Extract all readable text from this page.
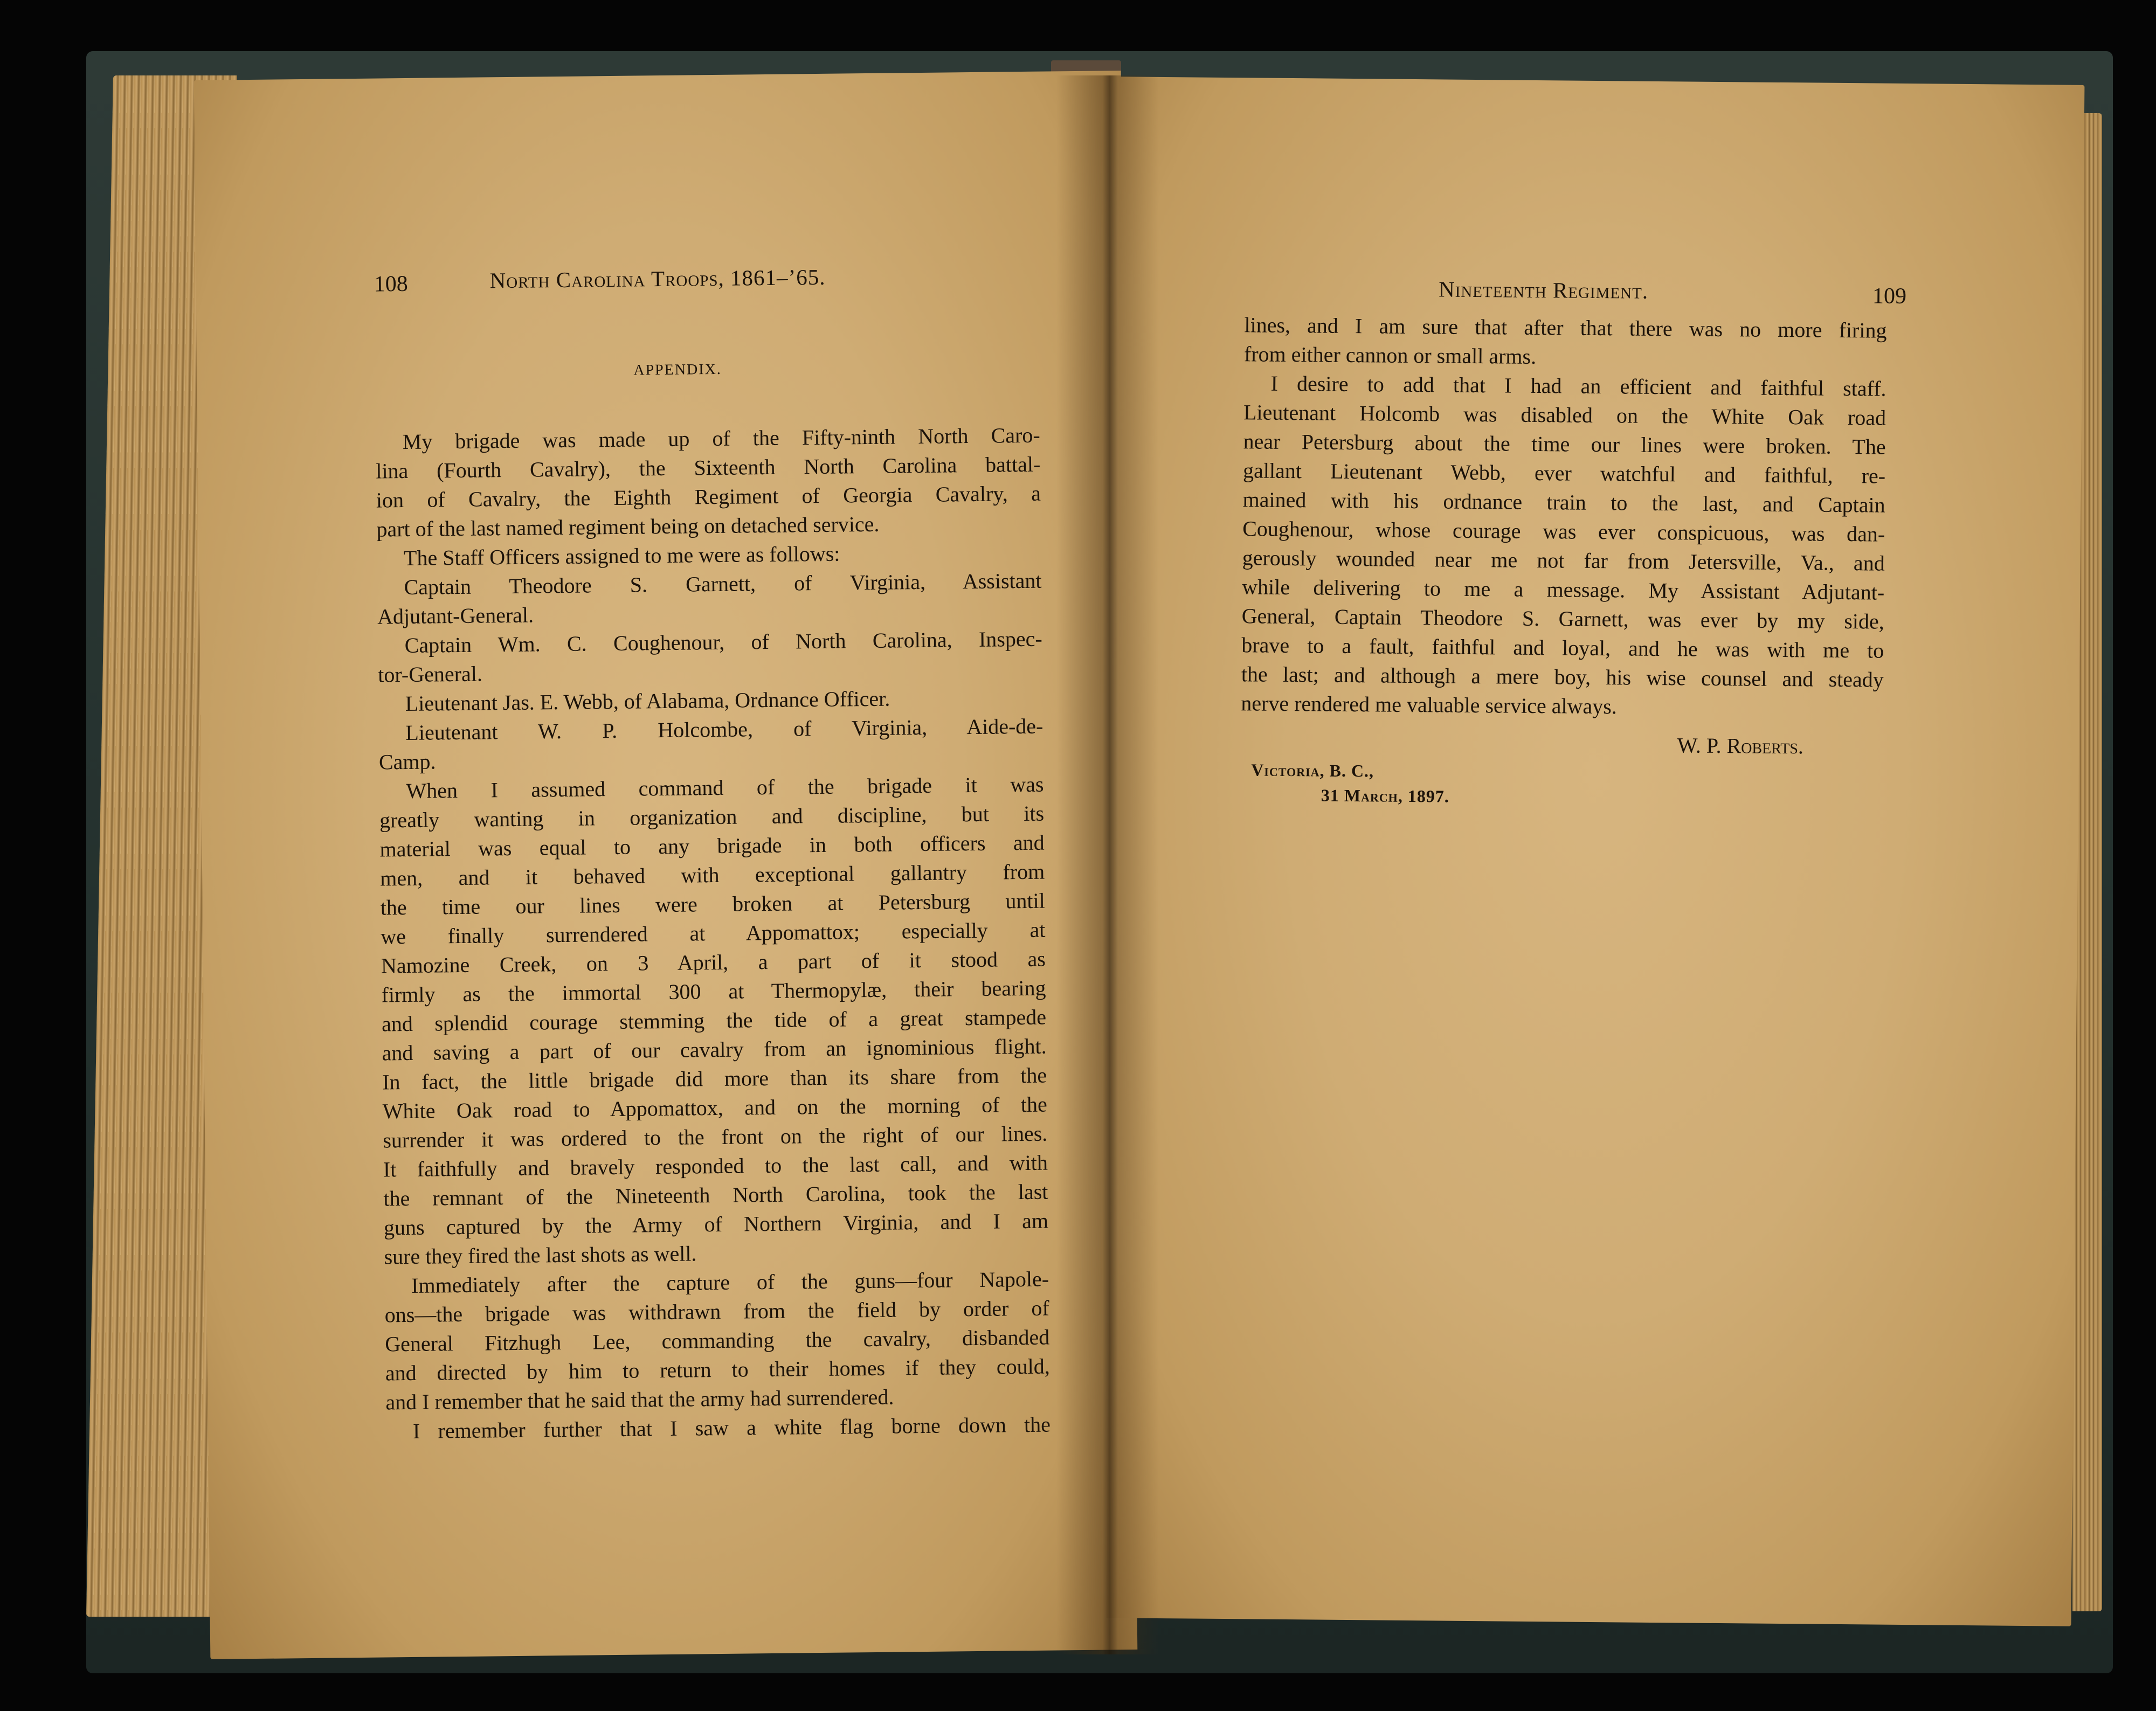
108	North Carolina Troops, 1861–’65.
APPENDIX.
My brigade was made up of the Fifty-ninth North Caro-
lina (Fourth Cavalry), the Sixteenth North Carolina battal-
ion of Cavalry, the Eighth Regiment of Georgia Cavalry, a
part of the last named regiment being on detached service.
The Staff Officers assigned to me were as follows:
Captain Theodore S. Garnett, of Virginia, Assistant
Adjutant-General.
Captain Wm. C. Coughenour, of North Carolina, Inspec-
tor-General.
Lieutenant Jas. E. Webb, of Alabama, Ordnance Officer.
Lieutenant W. P. Holcombe, of Virginia, Aide-de-
Camp.
When I assumed command of the brigade it was
greatly wanting in organization and discipline, but its
material was equal to any brigade in both officers and
men, and it behaved with exceptional gallantry from
the time our lines were broken at Petersburg until
we finally surrendered at Appomattox; especially at
Namozine Creek, on 3 April, a part of it stood as
firmly as the immortal 300 at Thermopylæ, their bearing
and splendid courage stemming the tide of a great stampede
and saving a part of our cavalry from an ignominious flight.
In fact, the little brigade did more than its share from the
White Oak road to Appomattox, and on the morning of the
surrender it was ordered to the front on the right of our lines.
It faithfully and bravely responded to the last call, and with
the remnant of the Nineteenth North Carolina, took the last
guns captured by the Army of Northern Virginia, and I am
sure they fired the last shots as well.
Immediately after the capture of the guns—four Napole-
ons—the brigade was withdrawn from the field by order of
General Fitzhugh Lee, commanding the cavalry, disbanded
and directed by him to return to their homes if they could,
and I remember that he said that the army had surrendered.
I remember further that I saw a white flag borne down the
Nineteenth Regiment.	109
lines, and I am sure that after that there was no more firing
from either cannon or small arms.
I desire to add that I had an efficient and faithful staff.
Lieutenant Holcomb was disabled on the White Oak road
near Petersburg about the time our lines were broken. The
gallant Lieutenant Webb, ever watchful and faithful, re-
mained with his ordnance train to the last, and Captain
Coughenour, whose courage was ever conspicuous, was dan-
gerously wounded near me not far from Jetersville, Va., and
while delivering to me a message. My Assistant Adjutant-
General, Captain Theodore S. Garnett, was ever by my side,
brave to a fault, faithful and loyal, and he was with me to
the last; and although a mere boy, his wise counsel and steady
nerve rendered me valuable service always.
W. P. Roberts.
Victoria, B. C.,
31 March, 1897.
